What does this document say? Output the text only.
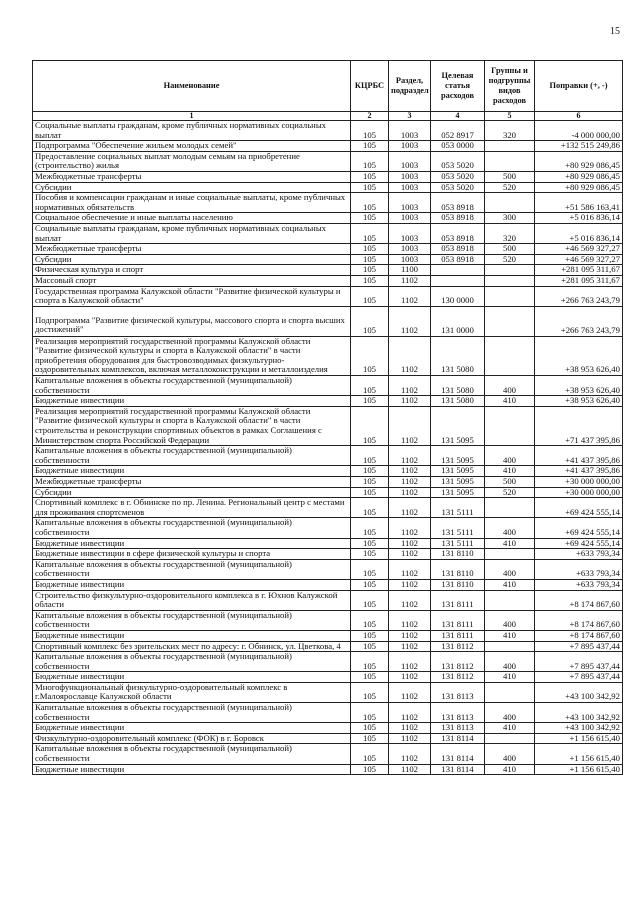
15
Наименование	КЦРБС	Раздел, подраздел	Целевая статья расходов	Группы и подгруппы видов расходов	Поправки (+, -)
1	2	3	4	5	6
Социальные выплаты гражданам, кроме публичных нормативных социальных выплат	105	1003	052 8917	320	-4 000 000,00
Подпрограмма "Обеспечение жильем молодых семей"	105	1003	053 0000		+132 515 249,86
Предоставление социальных выплат молодым семьям на приобретение (строительство) жилья	105	1003	053 5020		+80 929 086,45
Межбюджетные трансферты	105	1003	053 5020	500	+80 929 086,45
Субсидии	105	1003	053 5020	520	+80 929 086,45
Пособия и компенсации гражданам и иные социальные выплаты, кроме публичных нормативных обязательств	105	1003	053 8918		+51 586 163,41
Социальное обеспечение и иные выплаты населению	105	1003	053 8918	300	+5 016 836,14
Социальные выплаты гражданам, кроме публичных нормативных социальных выплат	105	1003	053 8918	320	+5 016 836,14
Межбюджетные трансферты	105	1003	053 8918	500	+46 569 327,27
Субсидии	105	1003	053 8918	520	+46 569 327,27
Физическая культура и спорт	105	1100			+281 095 311,67
Массовый спорт	105	1102			+281 095 311,67
Государственная программа Калужской области "Развитие физической культуры и спорта в Калужской области"	105	1102	130 0000		+266 763 243,79
Подпрограмма "Развитие физической культуры, массового спорта и спорта высших достижений"	105	1102	131 0000		+266 763 243,79
Реализация мероприятий государственной программы Калужской области "Развитие физической культуры и спорта в Калужской области" в части приобретения оборудования для быстровозводимых физкультурно-оздоровительных комплексов, включая металлоконструкции и металлоизделия	105	1102	131 5080		+38 953 626,40
Капитальные вложения в объекты государственной (муниципальной) собственности	105	1102	131 5080	400	+38 953 626,40
Бюджетные инвестиции	105	1102	131 5080	410	+38 953 626,40
Реализация мероприятий государственной программы Калужской области "Развитие физической культуры и спорта в Калужской области" в части строительства и реконструкции спортивных объектов в рамках Соглашения с Министерством спорта Российской Федерации	105	1102	131 5095		+71 437 395,86
Капитальные вложения в объекты государственной (муниципальной) собственности	105	1102	131 5095	400	+41 437 395,86
Бюджетные инвестиции	105	1102	131 5095	410	+41 437 395,86
Межбюджетные трансферты	105	1102	131 5095	500	+30 000 000,00
Субсидии	105	1102	131 5095	520	+30 000 000,00
Спортивный комплекс в г. Обнинске по пр. Ленина. Региональный центр с местами для проживания спортсменов	105	1102	131 5111		+69 424 555,14
Капитальные вложения в объекты государственной (муниципальной) собственности	105	1102	131 5111	400	+69 424 555,14
Бюджетные инвестиции	105	1102	131 5111	410	+69 424 555,14
Бюджетные инвестиции в сфере физической культуры и спорта	105	1102	131 8110		+633 793,34
Капитальные вложения в объекты государственной (муниципальной) собственности	105	1102	131 8110	400	+633 793,34
Бюджетные инвестиции	105	1102	131 8110	410	+633 793,34
Строительство физкультурно-оздоровительного комплекса в г. Юхнов Калужской области	105	1102	131 8111		+8 174 867,60
Капитальные вложения в объекты государственной (муниципальной) собственности	105	1102	131 8111	400	+8 174 867,60
Бюджетные инвестиции	105	1102	131 8111	410	+8 174 867,60
Спортивный комплекс без зрительских мест по адресу: г. Обнинск, ул. Цветкова, 4	105	1102	131 8112		+7 895 437,44
Капитальные вложения в объекты государственной (муниципальной) собственности	105	1102	131 8112	400	+7 895 437,44
Бюджетные инвестиции	105	1102	131 8112	410	+7 895 437,44
Многофункциональный физкультурно-оздоровительный комплекс в г.Малоярославце Калужской области	105	1102	131 8113		+43 100 342,92
Капитальные вложения в объекты государственной (муниципальной) собственности	105	1102	131 8113	400	+43 100 342,92
Бюджетные инвестиции	105	1102	131 8113	410	+43 100 342,92
Физкультурно-оздоровительный комплекс (ФОК) в г. Боровск	105	1102	131 8114		+1 156 615,40
Капитальные вложения в объекты государственной (муниципальной) собственности	105	1102	131 8114	400	+1 156 615,40
Бюджетные инвестиции	105	1102	131 8114	410	+1 156 615,40
